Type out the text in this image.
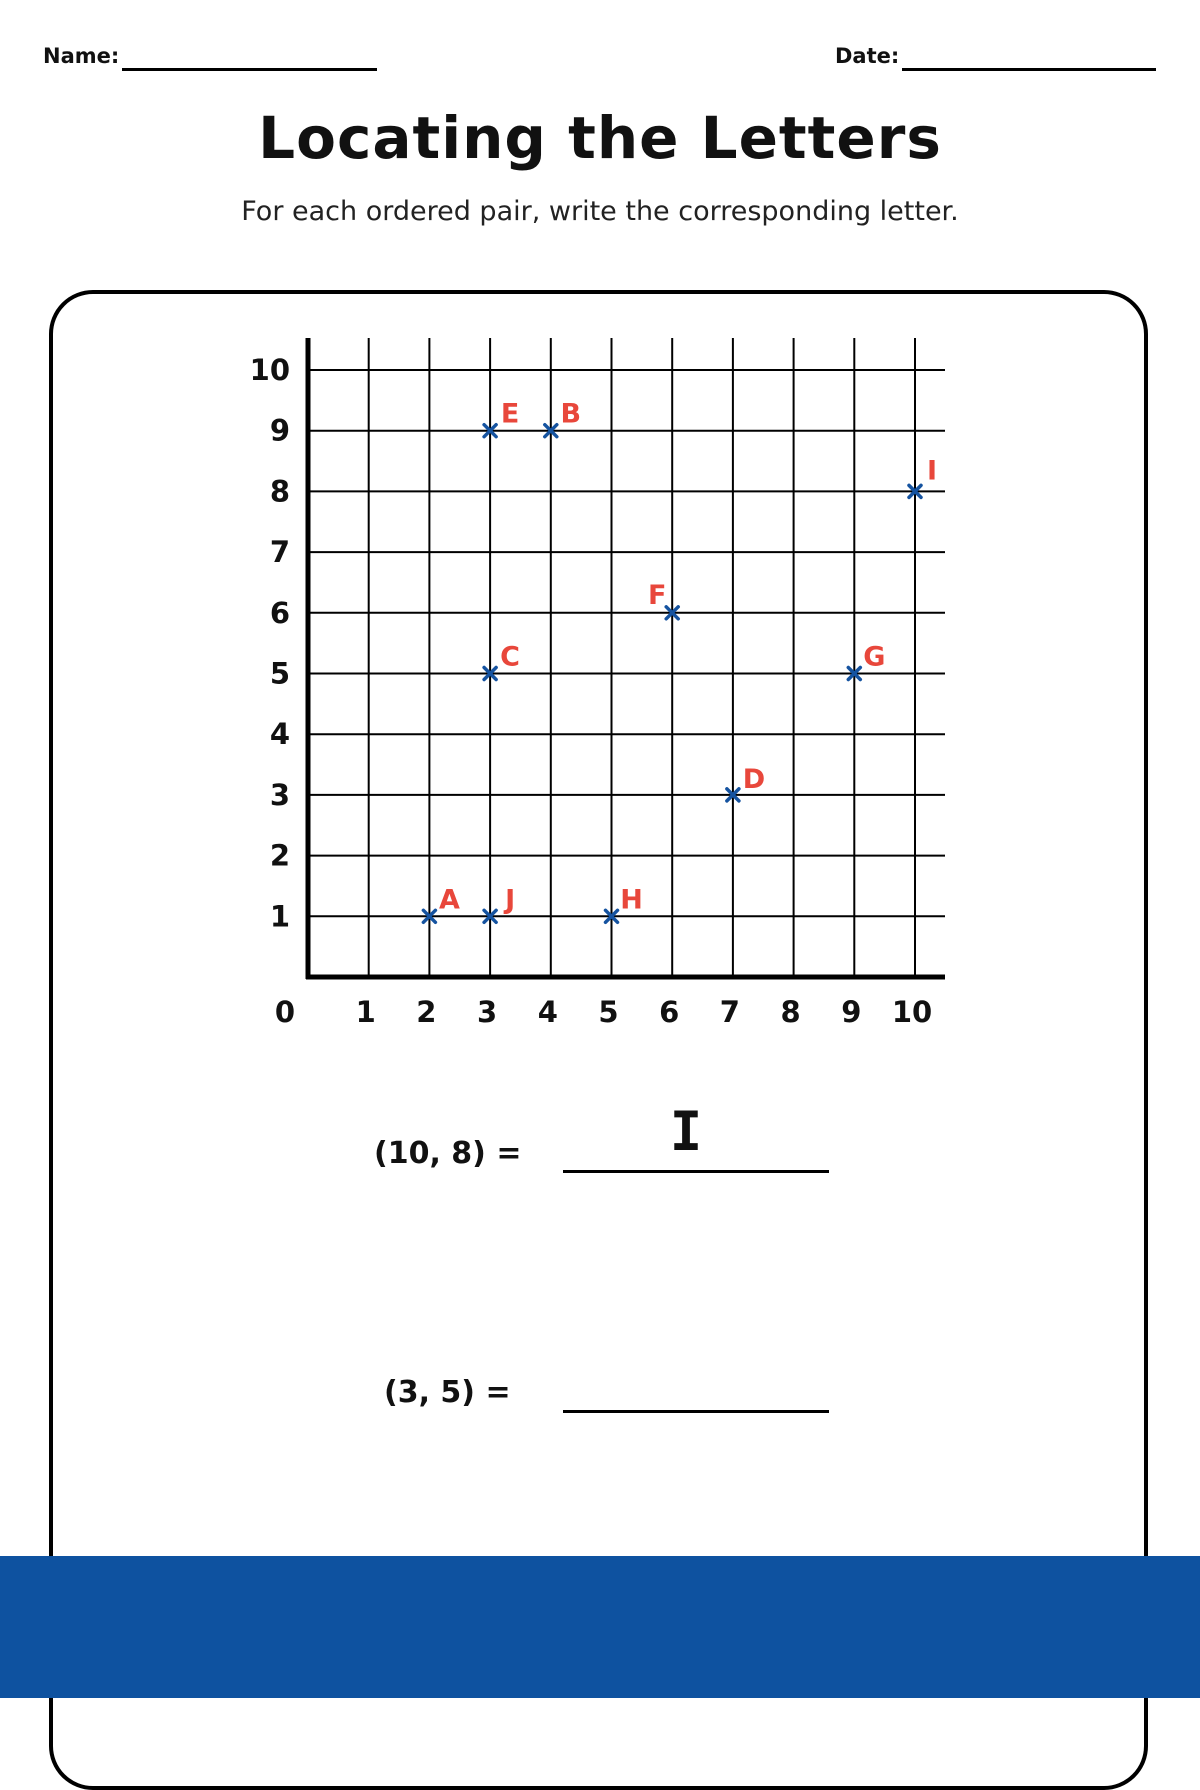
Name:	Date:
Locating the Letters
For each ordered pair, write the corresponding letter.
0 1 2 3 4 5 6 7 8 9 10
1
2
3
4
5
6
7
8
9
10
A
B
C
D
E
F
G
H
I
J
(10, 8) =	I
(3, 5) =
